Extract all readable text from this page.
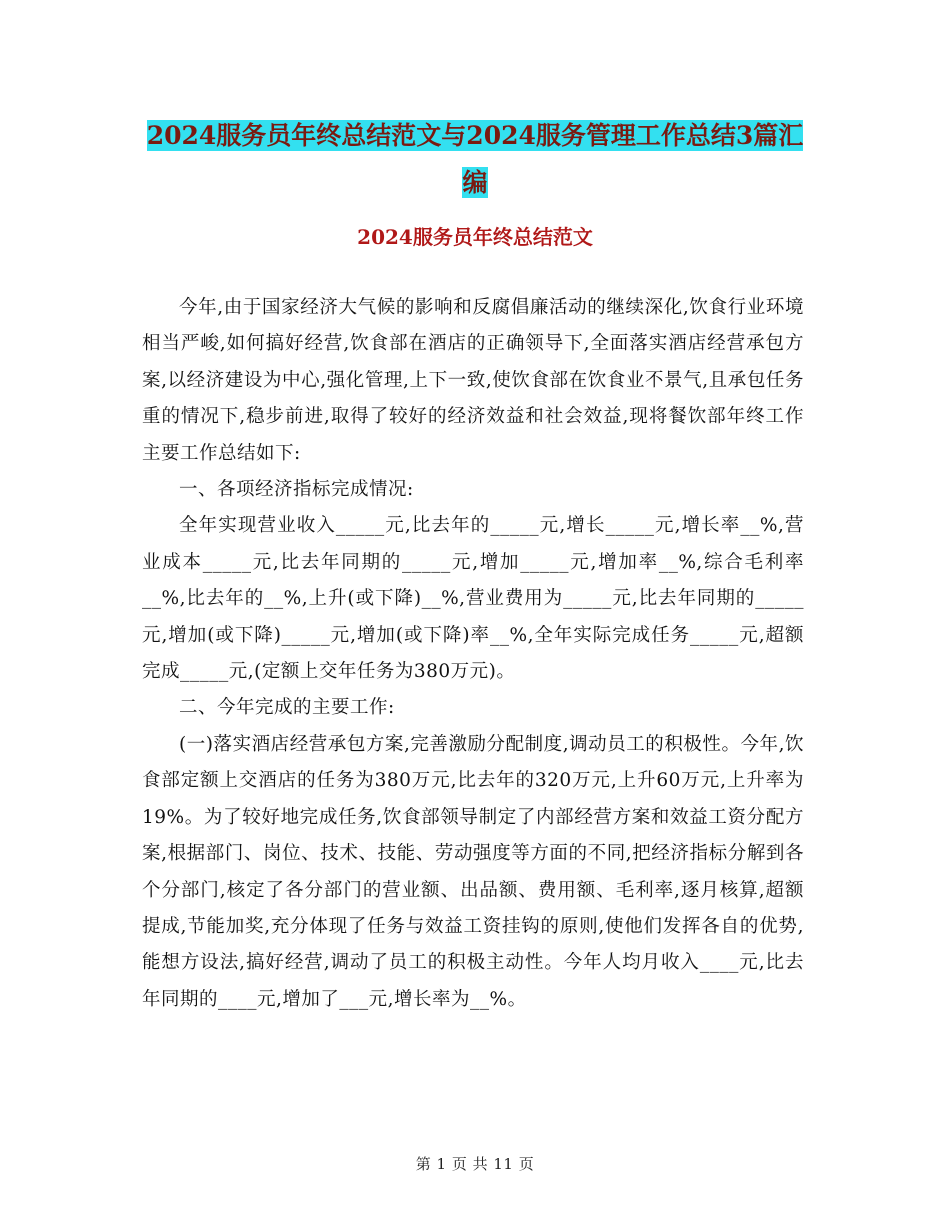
2024服务员年终总结范文与2024服务管理工作总结3篇汇编
2024服务员年终总结范文

今年,由于国家经济大气候的影响和反腐倡廉活动的继续深化,饮食行业环境相当严峻,如何搞好经营,饮食部在酒店的正确领导下,全面落实酒店经营承包方案,以经济建设为中心,强化管理,上下一致,使饮食部在饮食业不景气,且承包任务重的情况下,稳步前进,取得了较好的经济效益和社会效益,现将餐饮部年终工作主要工作总结如下:

一、各项经济指标完成情况:

全年实现营业收入_____元,比去年的_____元,增长_____元,增长率__%,营业成本_____元,比去年同期的_____元,增加_____元,增加率__%,综合毛利率__%,比去年的__%,上升(或下降)__%,营业费用为_____元,比去年同期的_____元,增加(或下降)_____元,增加(或下降)率__%,全年实际完成任务_____元,超额完成_____元,(定额上交年任务为380万元)。

二、今年完成的主要工作:

(一)落实酒店经营承包方案,完善激励分配制度,调动员工的积极性。今年,饮食部定额上交酒店的任务为380万元,比去年的320万元,上升60万元,上升率为19%。为了较好地完成任务,饮食部领导制定了内部经营方案和效益工资分配方案,根据部门、岗位、技术、技能、劳动强度等方面的不同,把经济指标分解到各个分部门,核定了各分部门的营业额、出品额、费用额、毛利率,逐月核算,超额提成,节能加奖,充分体现了任务与效益工资挂钩的原则,使他们发挥各自的优势,能想方设法,搞好经营,调动了员工的积极主动性。今年人均月收入____元,比去年同期的____元,增加了___元,增长率为__%。

第 1 页 共 11 页
